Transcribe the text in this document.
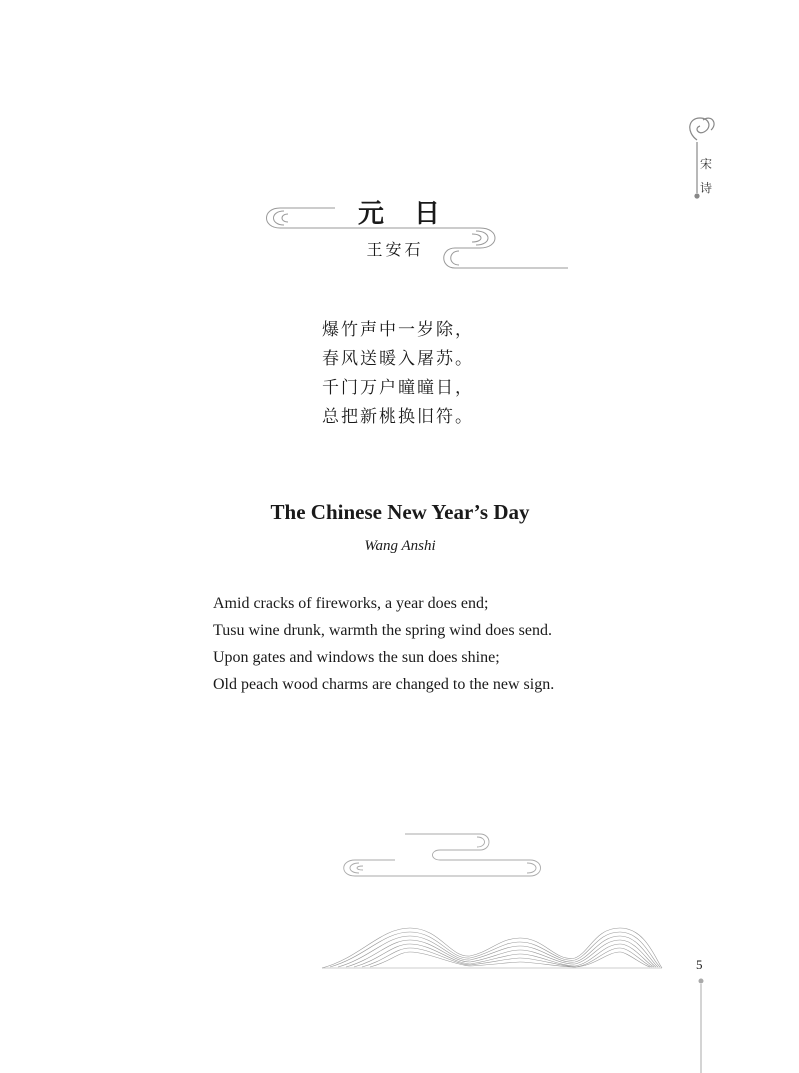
宋诗
元　日
王安石
爆竹声中一岁除，
春风送暖入屠苏。
千门万户曈曈日，
总把新桃换旧符。
The Chinese New Year’s Day
Wang Anshi
Amid cracks of fireworks, a year does end;
Tusu wine drunk, warmth the spring wind does send.
Upon gates and windows the sun does shine;
Old peach wood charms are changed to the new sign.
5
